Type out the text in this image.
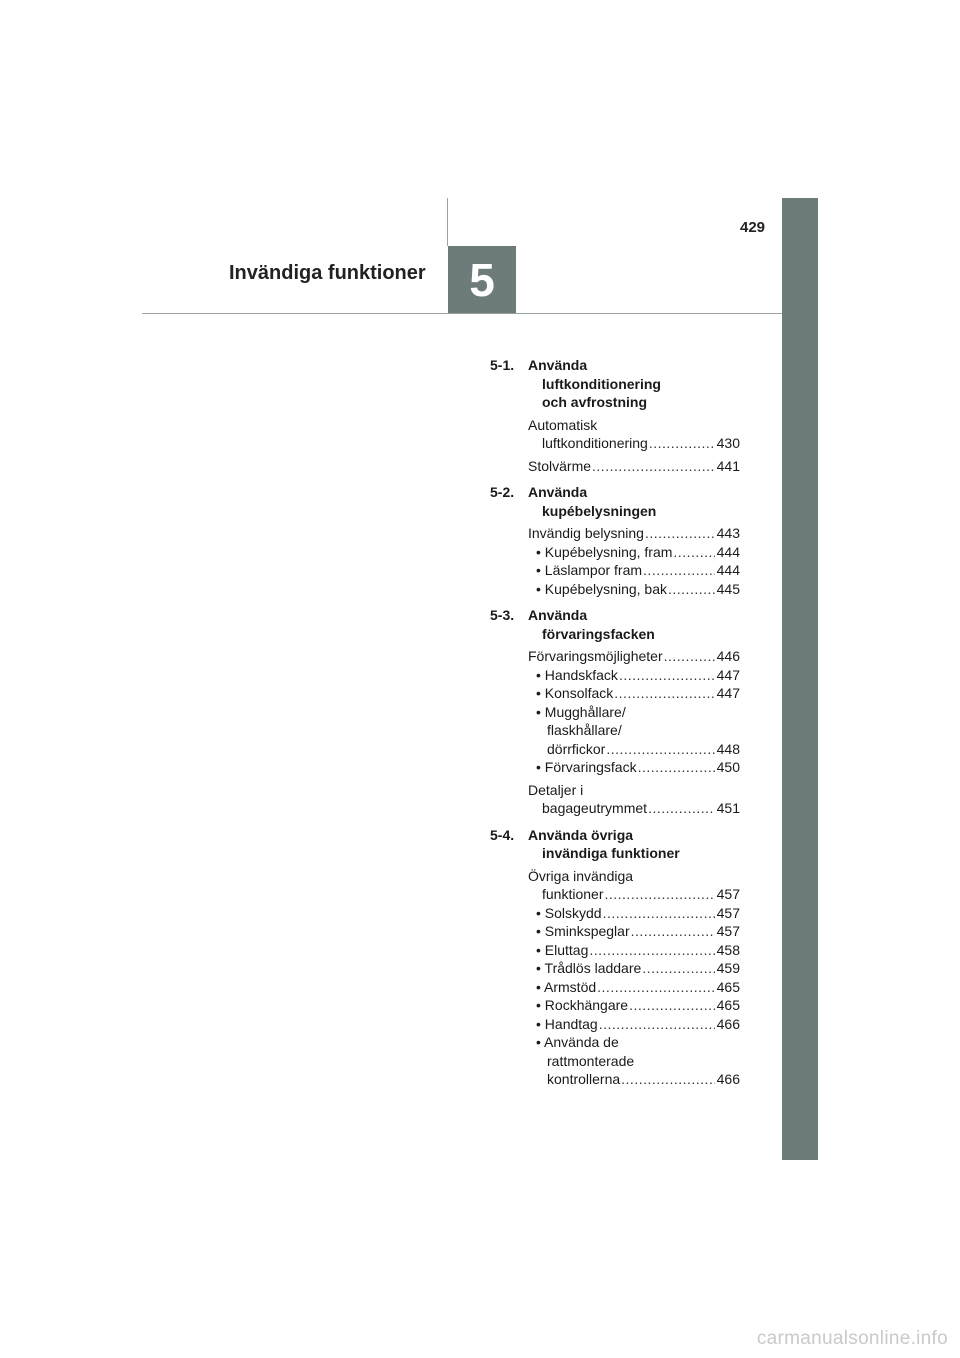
5
Invändiga funktioner
429
5-1. Använda
luftkonditionering
och avfrostning
Automatisk
luftkonditionering .....	430
Stolvärme .....	441
5-2. Använda
kupébelysningen
Invändig belysning .....	443
• Kupébelysning, fram .....	444
• Läslampor fram .....	444
• Kupébelysning, bak .....	445
5-3. Använda
förvaringsfacken
Förvaringsmöjligheter .....	446
• Handskfack .....	447
• Konsolfack .....	447
• Mugghållare/
flaskhållare/
dörrfickor .....	448
• Förvaringsfack .....	450
Detaljer i
bagageutrymmet .....	451
5-4. Använda övriga
invändiga funktioner
Övriga invändiga
funktioner .....	457
• Solskydd .....	457
• Sminkspeglar .....	457
• Eluttag .....	458
• Trådlös laddare .....	459
• Armstöd .....	465
• Rockhängare .....	465
• Handtag .....	466
• Använda de
rattmonterade
kontrollerna .....	466
carmanualsonline.info
